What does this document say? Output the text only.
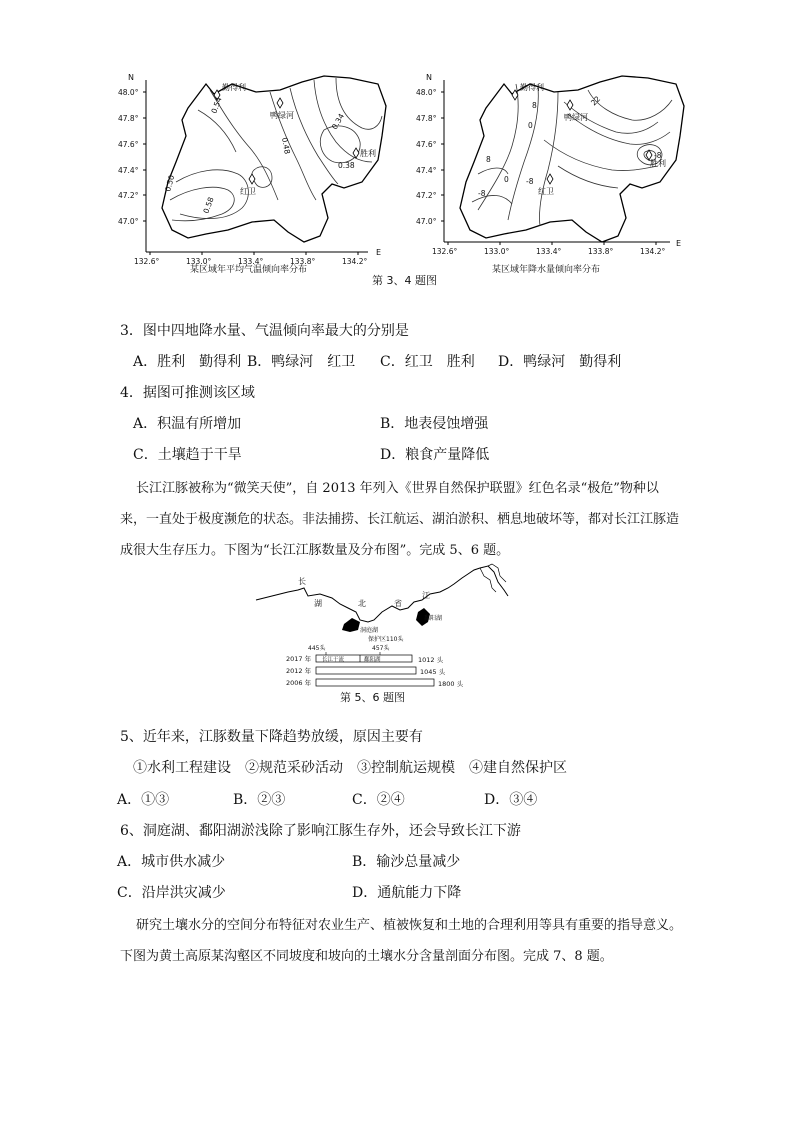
N
E
48.0°
47.8°
47.6°
47.4°
47.2°
47.0°
132.6°	133.0°	133.4°	133.8°	134.2°
勤得利
鸭绿河
胜利
红卫
0.54
0.48
0.34
0.38
0.50
0.58
某区域年平均气温倾向率分布
N
E
48.0°
47.8°
47.6°
47.4°
47.2°
47.0°
132.6°	133.0°	133.4°	133.8°	134.2°
勤得利
鸭绿河
胜利
红卫
8
0
22
8
-8
0 -8
-8
某区域年降水量倾向率分布
第 3、4 题图
3．图中四地降水量、气温倾向率最大的分别是
A．胜利　勤得利 B．鸭绿河　红卫 C．红卫　胜利 D．鸭绿河　勤得利
4．据图可推测该区域
A．积温有所增加	B．地表侵蚀增强
C．土壤趋于干旱	D．粮食产量降低
长江江豚被称为“微笑天使”，自 2013 年列入《世界自然保护联盟》红色名录“极危”物种以
来，一直处于极度濒危的状态。非法捕捞、长江航运、湖泊淤积、栖息地破坏等，都对长江江豚造
成很大生存压力。下图为“长江江豚数量及分布图”。完成 5、6 题。
长
湖	北	省
江
洞庭湖
鄱阳湖
保护区110头
445头	457头
2017 年
2012 年
2006 年
长江干流	鄱阳湖	1012 头
1045 头
1800 头
第 5、6 题图
5、近年来，江豚数量下降趋势放缓，原因主要有
①水利工程建设　②规范采砂活动　③控制航运规模　④建自然保护区
A．①③	B．②③	C．②④	D．③④
6、洞庭湖、鄱阳湖淤浅除了影响江豚生存外，还会导致长江下游
A．城市供水减少	B．输沙总量减少
C．沿岸洪灾减少	D．通航能力下降
研究土壤水分的空间分布特征对农业生产、植被恢复和土地的合理利用等具有重要的指导意义。
下图为黄土高原某沟壑区不同坡度和坡向的土壤水分含量剖面分布图。完成 7、8 题。
